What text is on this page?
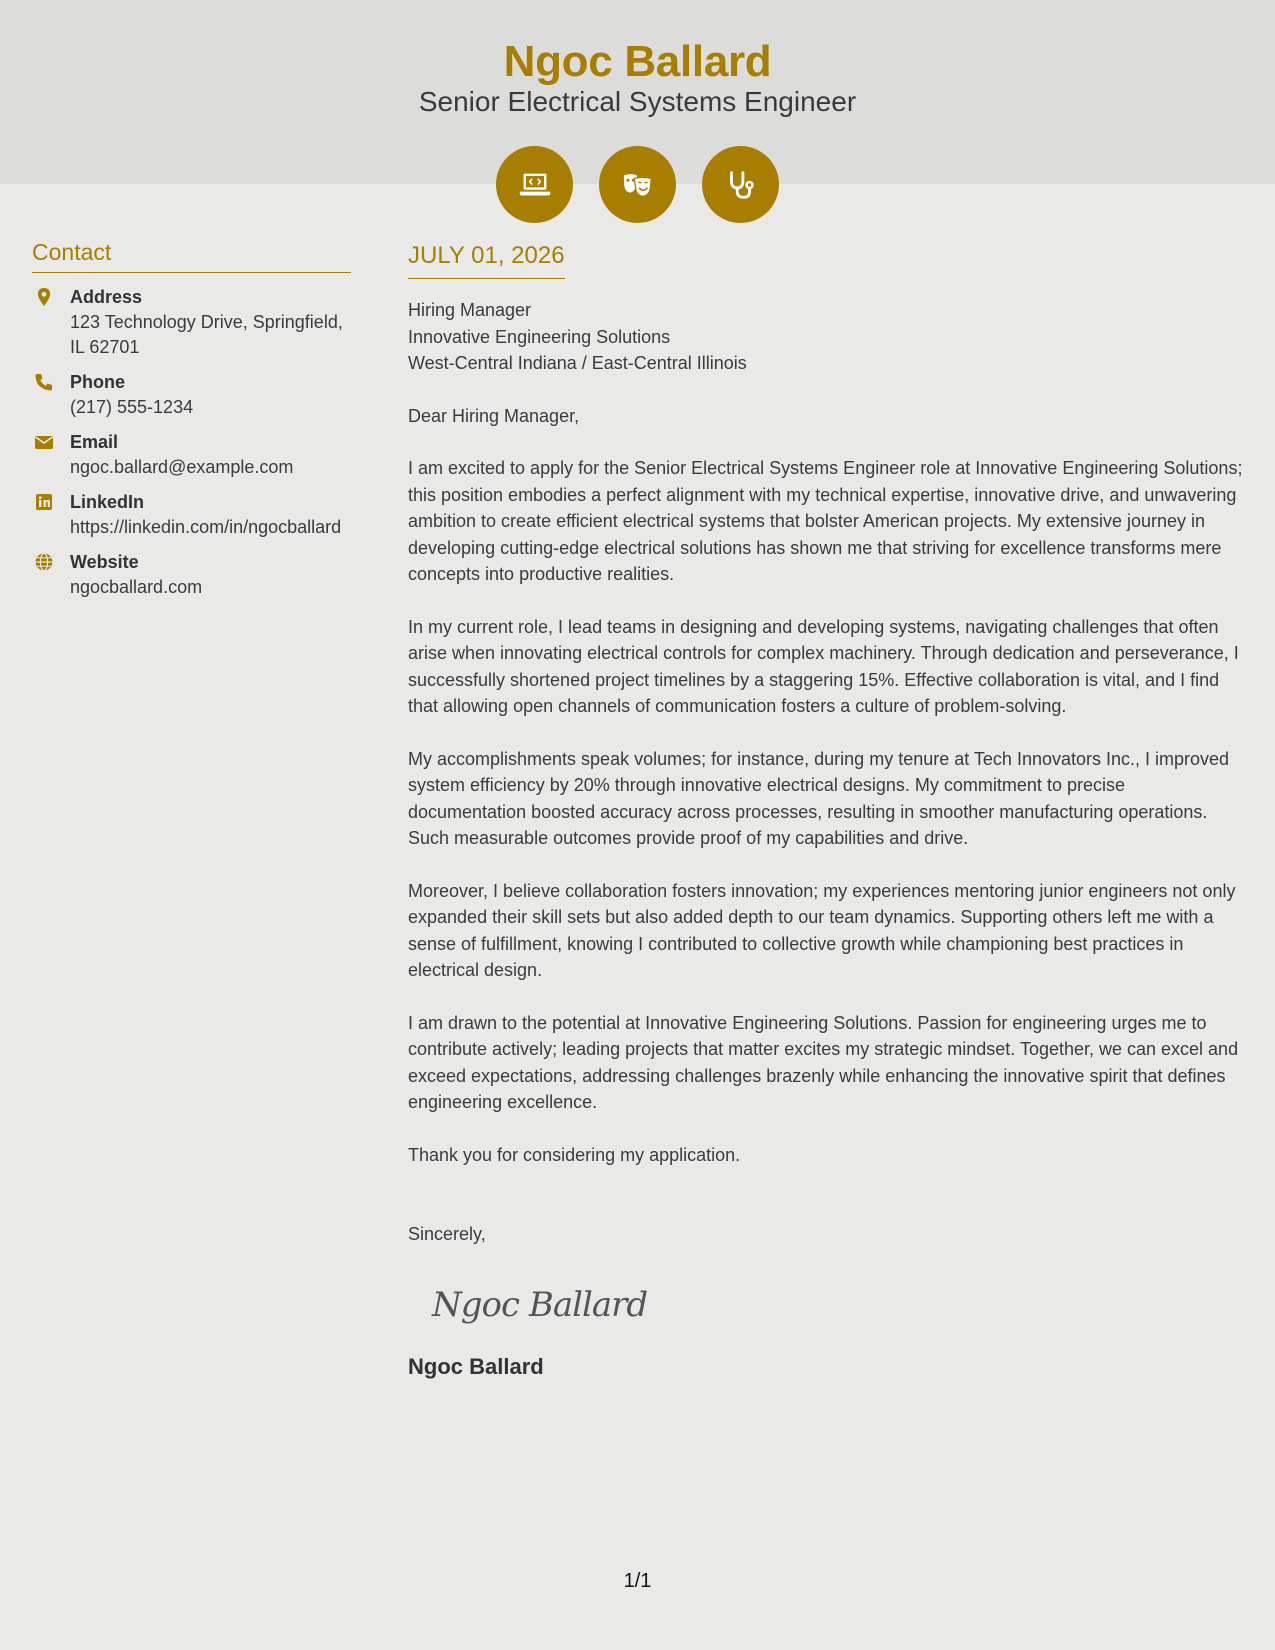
Ngoc Ballard
Senior Electrical Systems Engineer
Contact
Address
123 Technology Drive, Springfield, IL 62701
Phone
(217) 555-1234
Email
ngoc.ballard@example.com
LinkedIn
https://linkedin.com/in/ngocballard
Website
ngocballard.com
JULY 01, 2026
Hiring Manager
Innovative Engineering Solutions
West-Central Indiana / East-Central Illinois
Dear Hiring Manager,
I am excited to apply for the Senior Electrical Systems Engineer role at Innovative Engineering Solutions; this position embodies a perfect alignment with my technical expertise, innovative drive, and unwavering ambition to create efficient electrical systems that bolster American projects. My extensive journey in developing cutting-edge electrical solutions has shown me that striving for excellence transforms mere concepts into productive realities.
In my current role, I lead teams in designing and developing systems, navigating challenges that often arise when innovating electrical controls for complex machinery. Through dedication and perseverance, I successfully shortened project timelines by a staggering 15%. Effective collaboration is vital, and I find that allowing open channels of communication fosters a culture of problem-solving.
My accomplishments speak volumes; for instance, during my tenure at Tech Innovators Inc., I improved system efficiency by 20% through innovative electrical designs. My commitment to precise documentation boosted accuracy across processes, resulting in smoother manufacturing operations. Such measurable outcomes provide proof of my capabilities and drive.
Moreover, I believe collaboration fosters innovation; my experiences mentoring junior engineers not only expanded their skill sets but also added depth to our team dynamics. Supporting others left me with a sense of fulfillment, knowing I contributed to collective growth while championing best practices in electrical design.
I am drawn to the potential at Innovative Engineering Solutions. Passion for engineering urges me to contribute actively; leading projects that matter excites my strategic mindset. Together, we can excel and exceed expectations, addressing challenges brazenly while enhancing the innovative spirit that defines engineering excellence.
Thank you for considering my application.
Sincerely,
Ngoc Ballard
Ngoc Ballard
1/1
